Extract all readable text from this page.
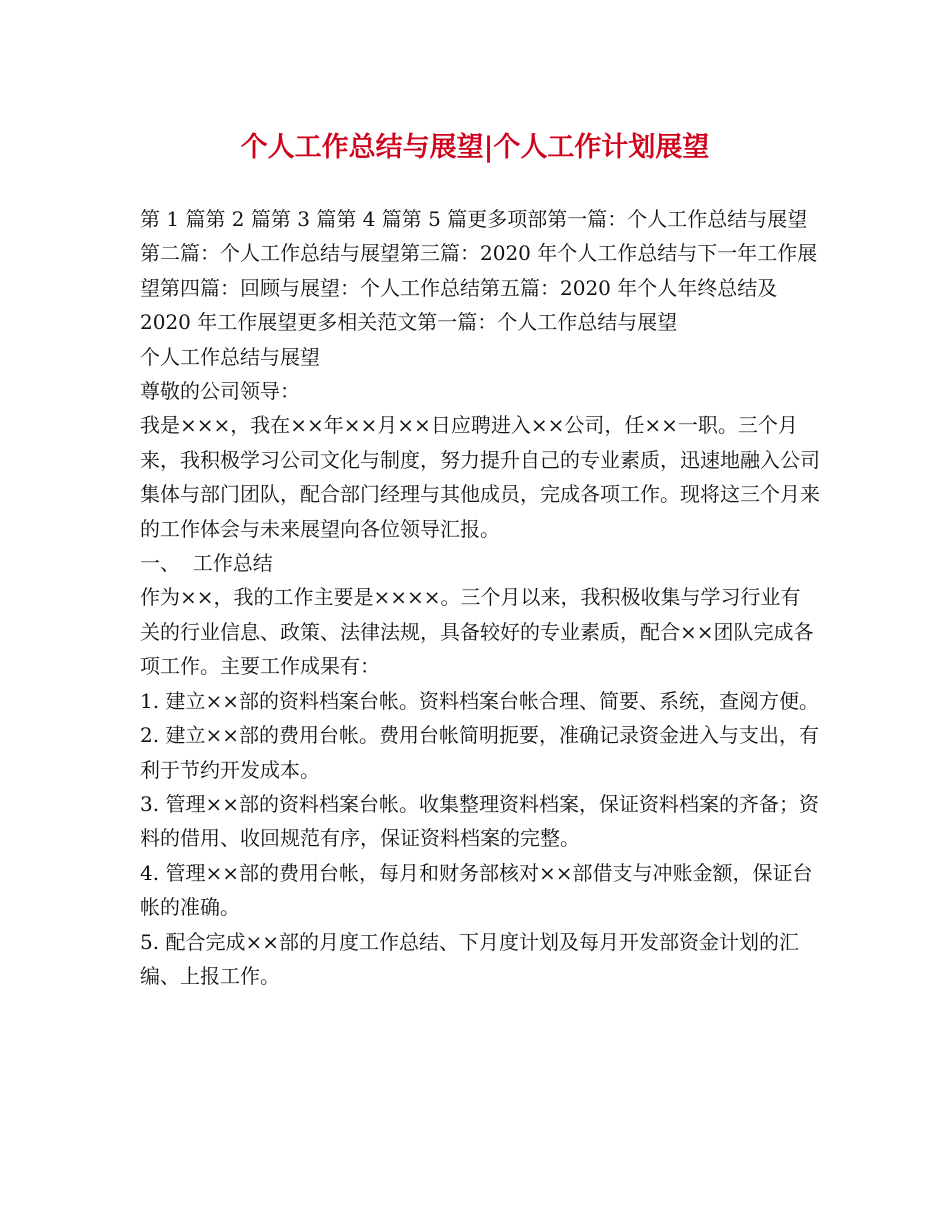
个人工作总结与展望|个人工作计划展望

第 1 篇第 2 篇第 3 篇第 4 篇第 5 篇更多项部第一篇：个人工作总结与展望第二篇：个人工作总结与展望第三篇：2020 年个人工作总结与下一年工作展望第四篇：回顾与展望：个人工作总结第五篇：2020 年个人年终总结及 2020 年工作展望更多相关范文第一篇：个人工作总结与展望

个人工作总结与展望

尊敬的公司领导：

我是×××，我在××年××月××日应聘进入××公司，任××一职。三个月来，我积极学习公司文化与制度，努力提升自己的专业素质，迅速地融入公司集体与部门团队，配合部门经理与其他成员，完成各项工作。现将这三个月来的工作体会与未来展望向各位领导汇报。

一、  工作总结

作为××，我的工作主要是××××。三个月以来，我积极收集与学习行业有关的行业信息、政策、法律法规，具备较好的专业素质，配合××团队完成各项工作。主要工作成果有：

1. 建立××部的资料档案台帐。资料档案台帐合理、简要、系统，查阅方便。

2. 建立××部的费用台帐。费用台帐简明扼要，准确记录资金进入与支出，有利于节约开发成本。

3. 管理××部的资料档案台帐。收集整理资料档案，保证资料档案的齐备；资料的借用、收回规范有序，保证资料档案的完整。

4. 管理××部的费用台帐，每月和财务部核对××部借支与冲账金额，保证台帐的准确。

5. 配合完成××部的月度工作总结、下月度计划及每月开发部资金计划的汇编、上报工作。
